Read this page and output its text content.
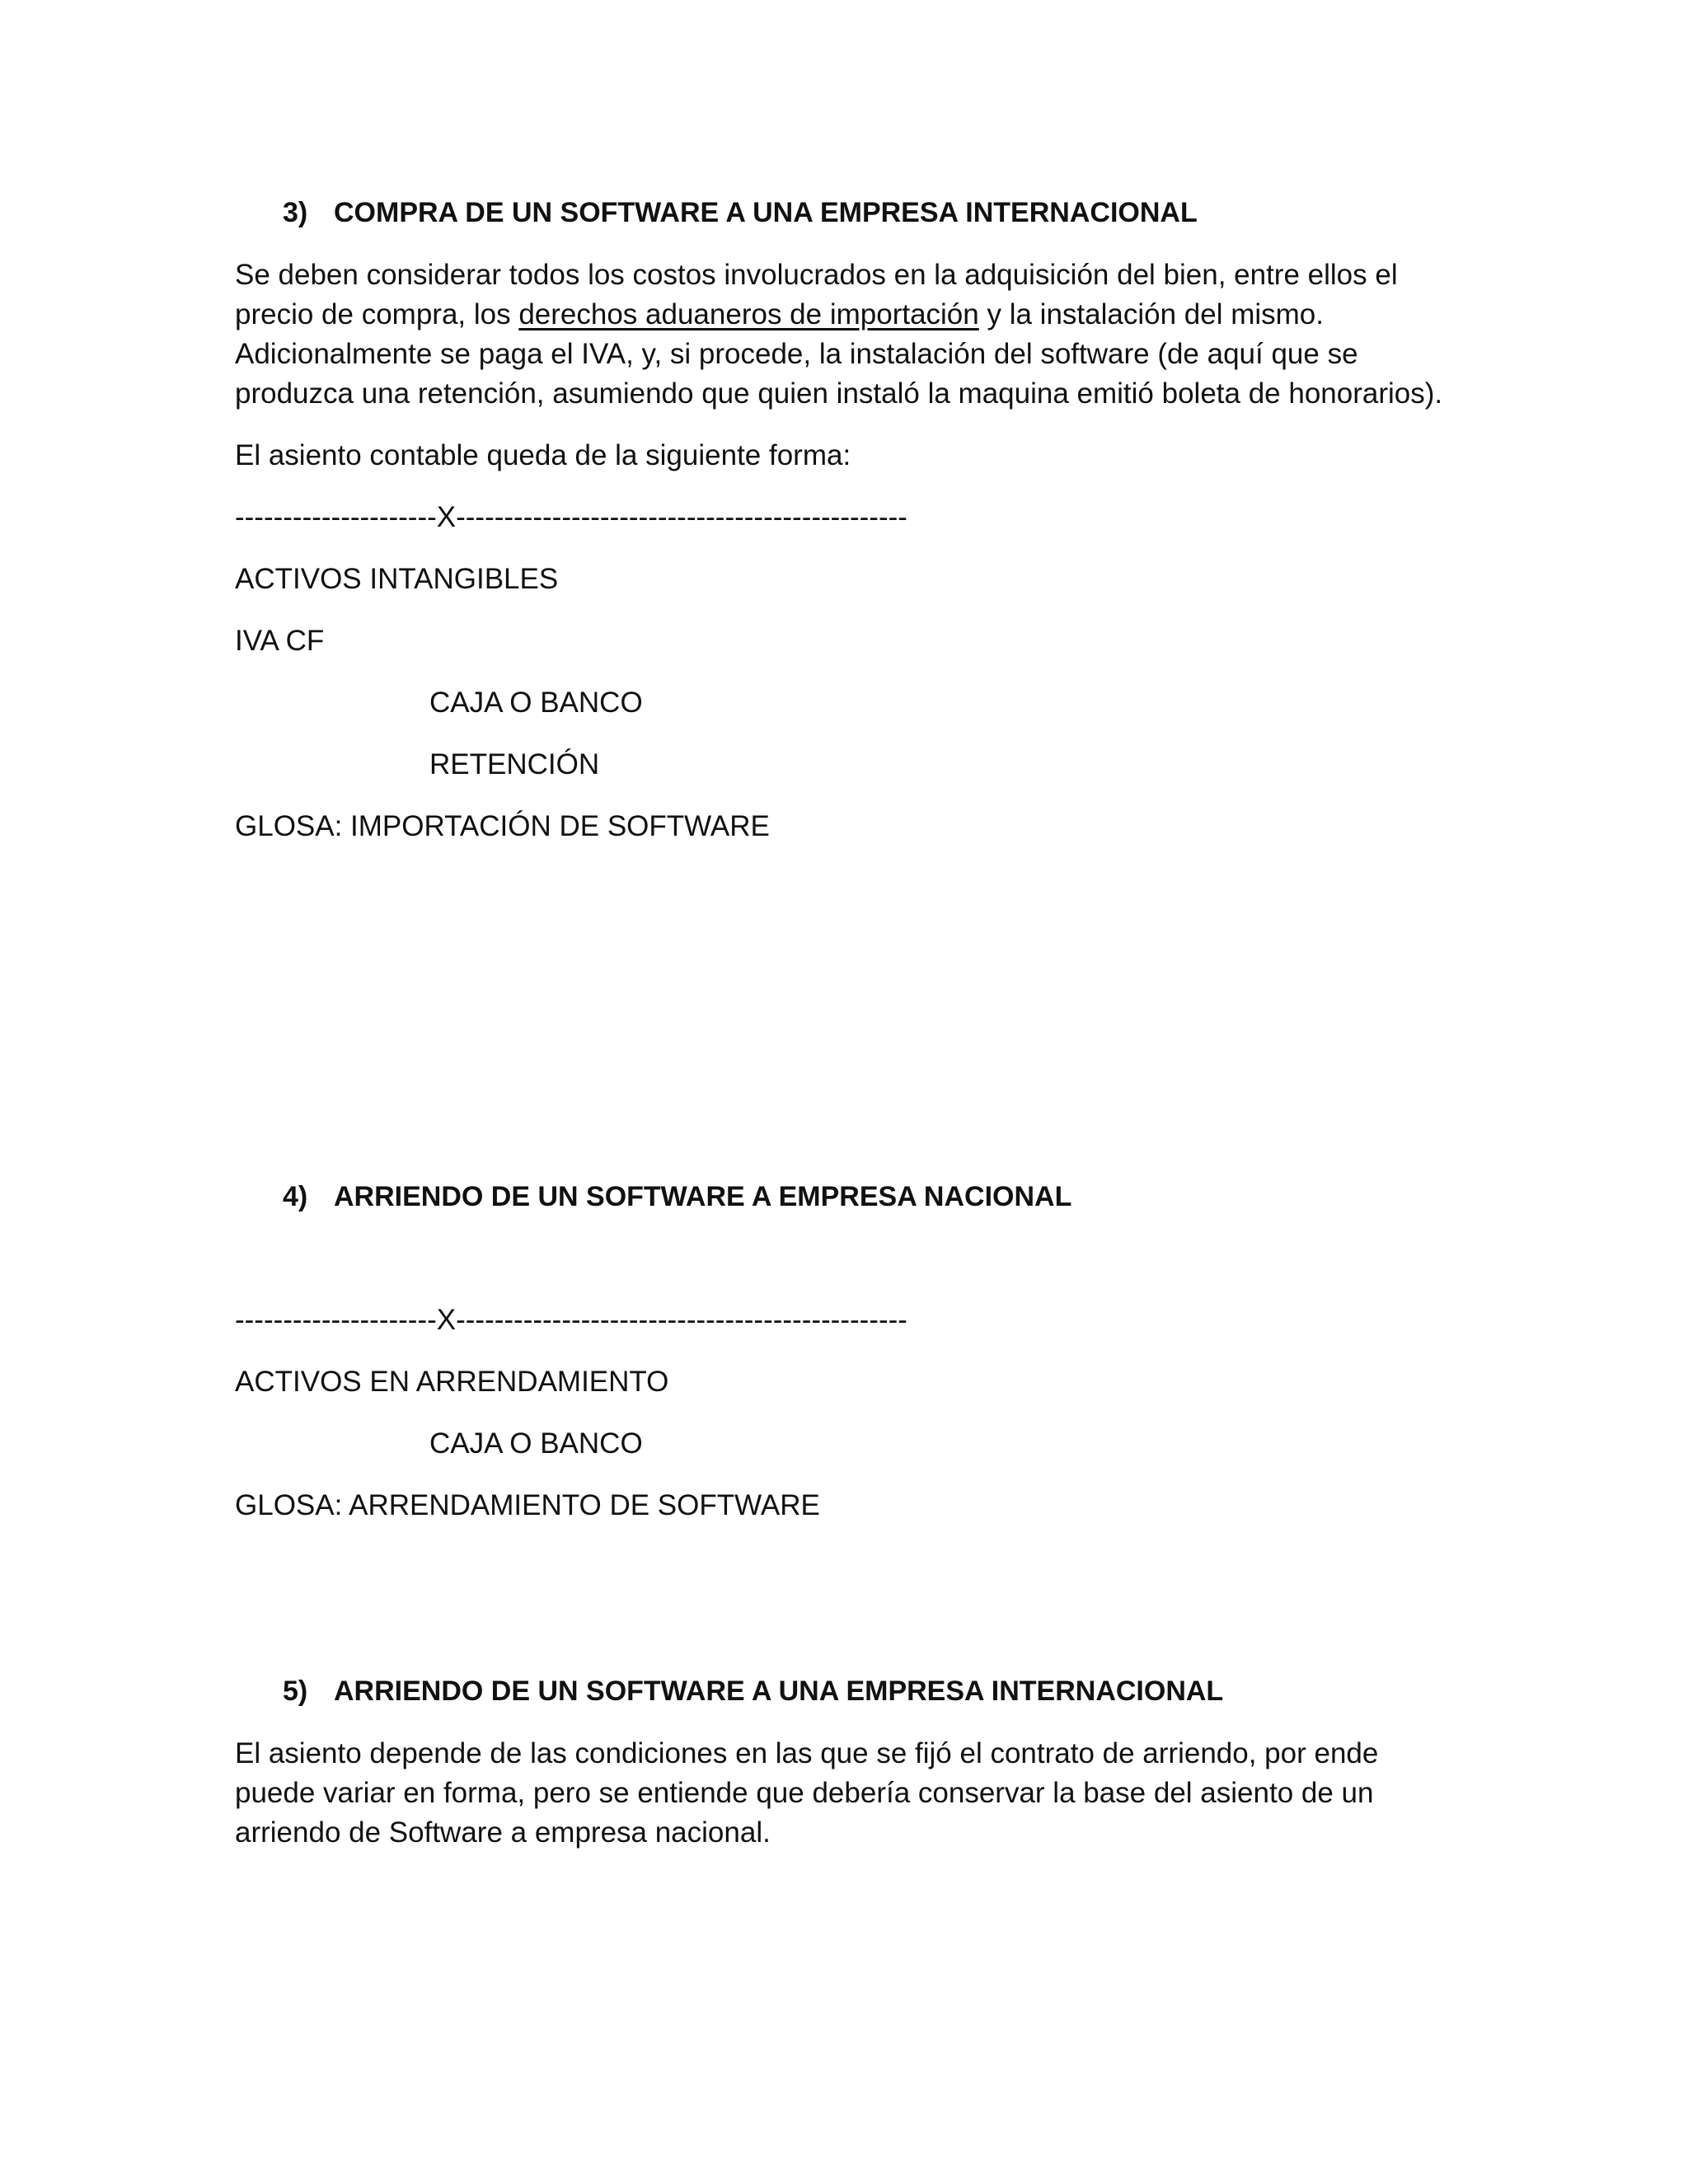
3) COMPRA DE UN SOFTWARE A UNA EMPRESA INTERNACIONAL

Se deben considerar todos los costos involucrados en la adquisición del bien, entre ellos el precio de compra, los derechos aduaneros de importación y la instalación del mismo. Adicionalmente se paga el IVA, y, si procede, la instalación del software (de aquí que se produzca una retención, asumiendo que quien instaló la maquina emitió boleta de honorarios).

El asiento contable queda de la siguiente forma:
---------------------X-----------------------------------------------
ACTIVOS INTANGIBLES
IVA CF
CAJA O BANCO
RETENCIÓN
GLOSA: IMPORTACIÓN DE SOFTWARE
4) ARRIENDO DE UN SOFTWARE A EMPRESA NACIONAL
---------------------X-----------------------------------------------
ACTIVOS EN ARRENDAMIENTO
CAJA O BANCO
GLOSA: ARRENDAMIENTO DE SOFTWARE
5) ARRIENDO DE UN SOFTWARE A UNA EMPRESA INTERNACIONAL

El asiento depende de las condiciones en las que se fijó el contrato de arriendo, por ende puede variar en forma, pero se entiende que debería conservar la base del asiento de un arriendo de Software a empresa nacional.
